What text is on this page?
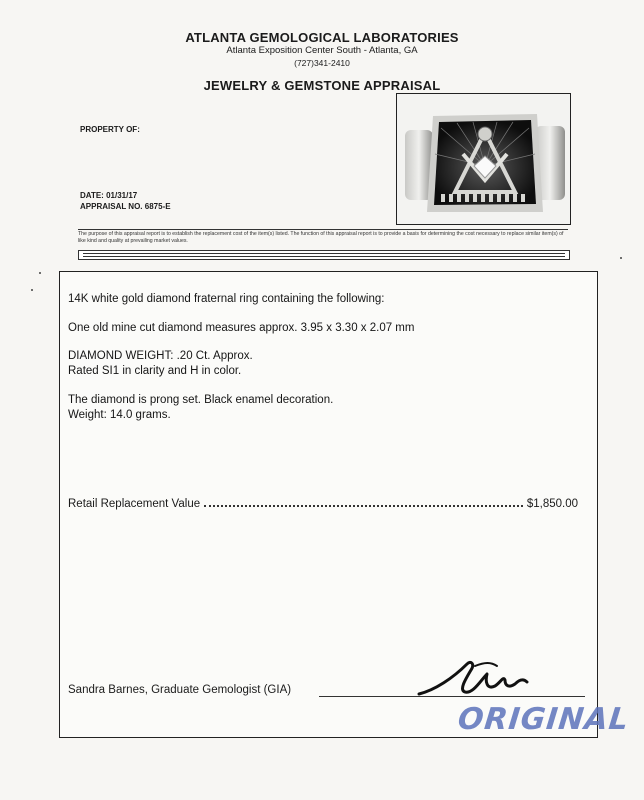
ATLANTA GEMOLOGICAL LABORATORIES
Atlanta Exposition Center South - Atlanta, GA
(727)341-2410
JEWELRY & GEMSTONE APPRAISAL
PROPERTY OF:
DATE: 01/31/17
APPRAISAL NO. 6875-E
The purpose of this appraisal report is to establish the replacement cost of the item(s) listed. The function of this appraisal report is to provide a basis for determining the cost necessary to replace similar item(s) of like kind and quality at prevailing market values.
14K white gold diamond fraternal ring containing the following:
One old mine cut diamond measures approx. 3.95 x 3.30 x 2.07 mm
DIAMOND WEIGHT: .20 Ct. Approx.
Rated SI1 in clarity and H in color.
The diamond is prong set. Black enamel decoration.
Weight: 14.0 grams.
Retail Replacement Value	$1,850.00
Sandra Barnes, Graduate Gemologist (GIA)
ORIGINAL
